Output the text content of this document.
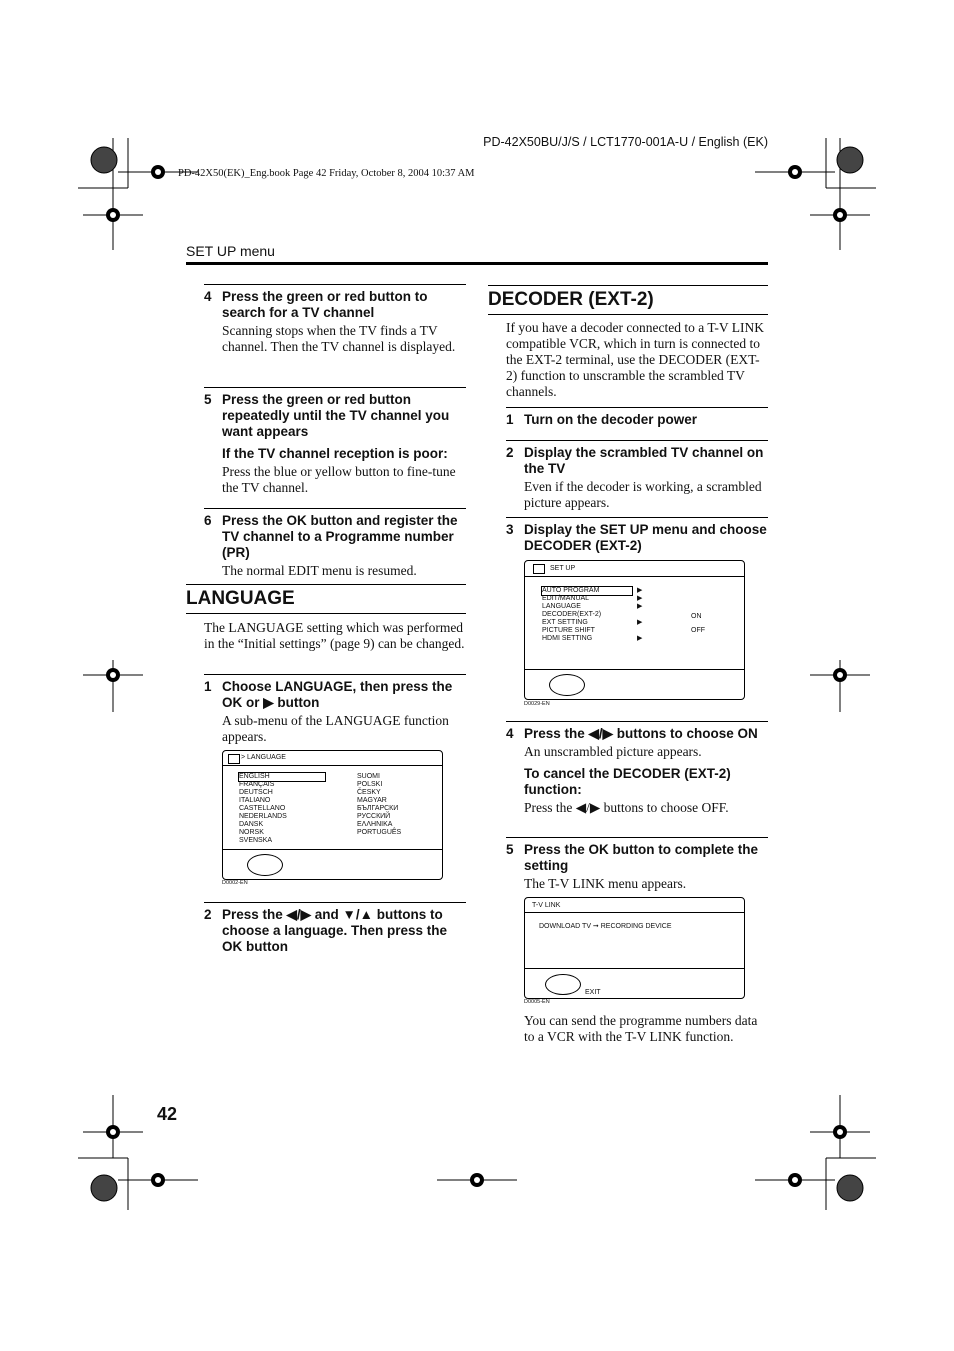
PD-42X50BU/J/S / LCT1770-001A-U / English (EK)
PD-42X50(EK)_Eng.book Page 42 Friday, October 8, 2004 10:37 AM
SET UP menu
42
4 Press the green or red button to search for a TV channel
Scanning stops when the TV finds a TV channel. Then the TV channel is displayed.
5 Press the green or red button repeatedly until the TV channel you want appears
If the TV channel reception is poor:
Press the blue or yellow button to fine-tune the TV channel.
6 Press the OK button and register the TV channel to a Programme number (PR)
The normal EDIT menu is resumed.
LANGUAGE
The LANGUAGE setting which was performed in the “Initial settings” (page 9) can be changed.
1 Choose LANGUAGE, then press the OK or ▶ button
A sub-menu of the LANGUAGE function appears.
> LANGUAGE
ENGLISH
FRANÇAIS
DEUTSCH
ITALIANO
CASTELLANO
NEDERLANDS
DANSK
NORSK
SVENSKA
SUOMI
POLSKI
ČESKY
MAGYAR
БЪЛГАРСКИ
РУССКИЙ
ΕΛΛΗΝΙΚΑ
PORTUGUÊS
D0002-EN
2 Press the ◀/▶ and ▼/▲ buttons to choose a language. Then press the OK button
DECODER (EXT-2)
If you have a decoder connected to a T-V LINK compatible VCR, which in turn is connected to the EXT-2 terminal, use the DECODER (EXT-2) function to unscramble the scrambled TV channels.
1 Turn on the decoder power
2 Display the scrambled TV channel on the TV
Even if the decoder is working, a scrambled picture appears.
3 Display the SET UP menu and choose DECODER (EXT-2)
SET UP
AUTO PROGRAM
EDIT/MANUAL
LANGUAGE
DECODER(EXT-2)
EXT SETTING
PICTURE SHIFT
HDMI SETTING
▶
▶
▶

▶

▶
ON
OFF
D0029-EN
4 Press the ◀/▶ buttons to choose ON
An unscrambled picture appears.
To cancel the DECODER (EXT-2) function:
Press the ◀/▶ buttons to choose OFF.
5 Press the OK button to complete the setting
The T-V LINK menu appears.
T-V LINK
DOWNLOAD TV ➞ RECORDING DEVICE
EXIT
D0005-EN
You can send the programme numbers data to a VCR with the T-V LINK function.
